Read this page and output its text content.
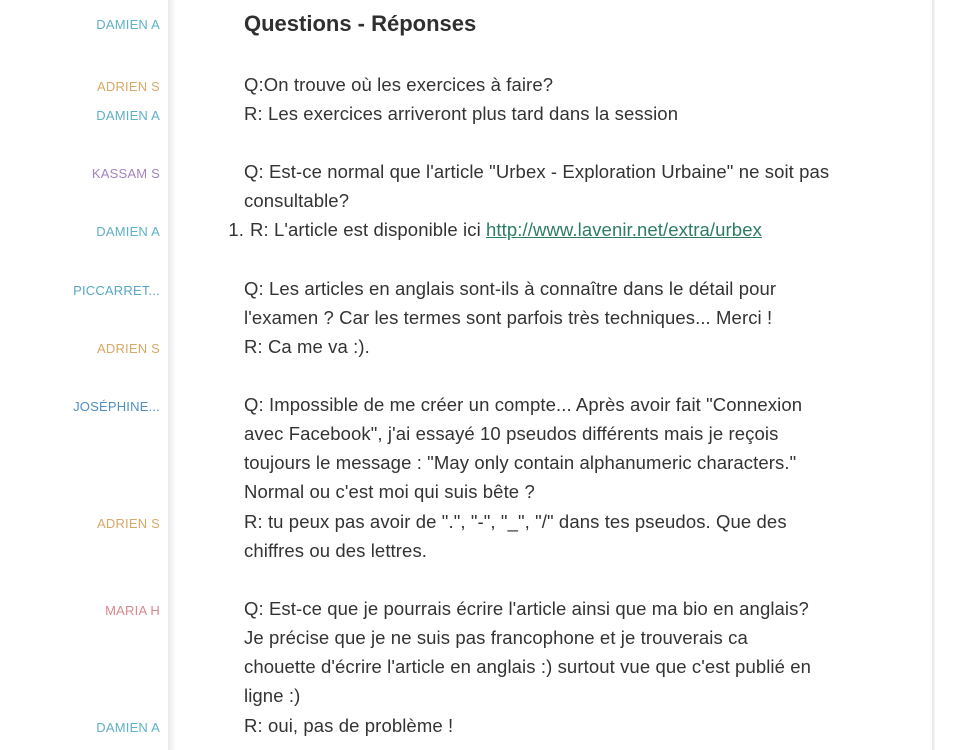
DAMIEN A
ADRIEN S
DAMIEN A
KASSAM S
DAMIEN A
PICCARRET...
ADRIEN S
JOSÉPHINE...
ADRIEN S
MARIA H
DAMIEN A
Questions - Réponses
Q:On trouve où les exercices à faire?
R: Les exercices arriveront plus tard dans la session
Q: Est-ce normal que l'article "Urbex - Exploration Urbaine" ne soit pas
consultable?
1. R: L'article est disponible ici http://www.lavenir.net/extra/urbex
Q: Les articles en anglais sont-ils à connaître dans le détail pour
l'examen ? Car les termes sont parfois très techniques... Merci !
R: Ca me va :).
Q: Impossible de me créer un compte... Après avoir fait "Connexion
avec Facebook", j'ai essayé 10 pseudos différents mais je reçois
toujours le message : "May only contain alphanumeric characters."
Normal ou c'est moi qui suis bête ?
R: tu peux pas avoir de ".", "-", "_", "/" dans tes pseudos. Que des
chiffres ou des lettres.
Q: Est-ce que je pourrais écrire l'article ainsi que ma bio en anglais?
Je précise que je ne suis pas francophone et je trouverais ca
chouette d'écrire l'article en anglais :) surtout vue que c'est publié en
ligne :)
R: oui, pas de problème !
